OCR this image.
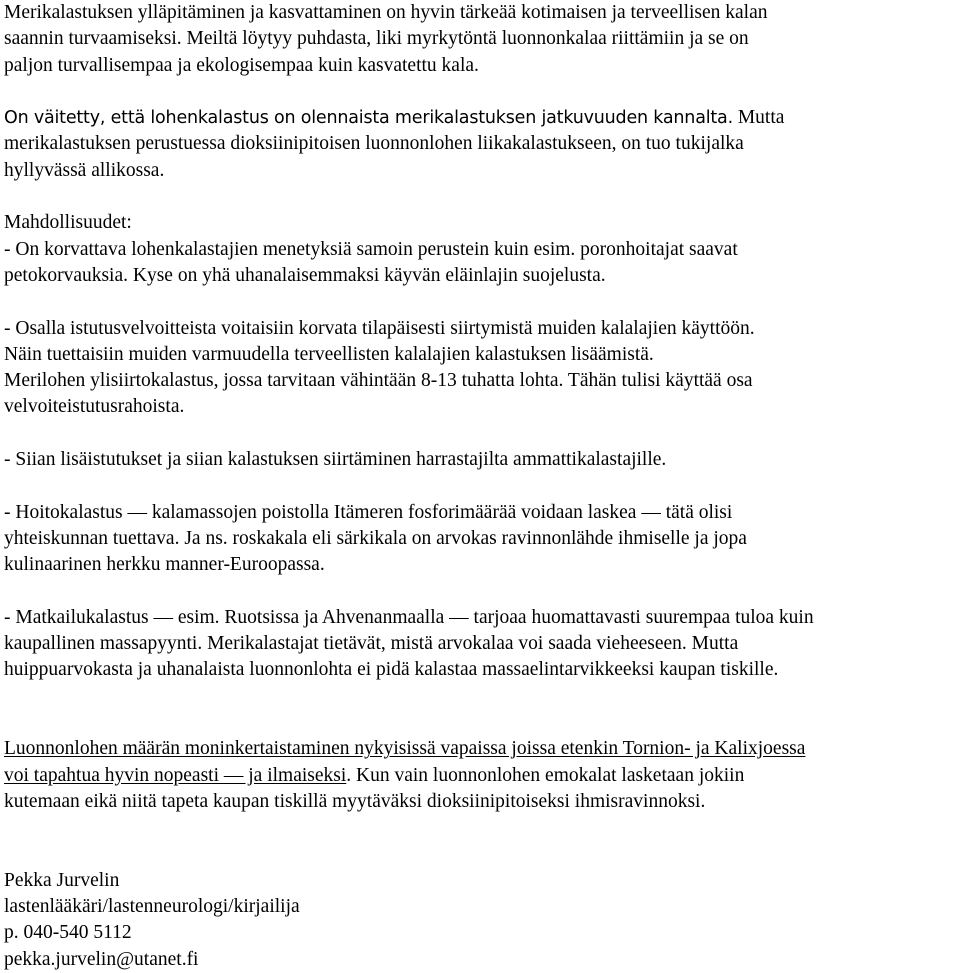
Merikalastuksen ylläpitäminen ja kasvattaminen on hyvin tärkeää kotimaisen ja terveellisen kalan
saannin turvaamiseksi. Meiltä löytyy puhdasta, liki myrkytöntä luonnonkalaa riittämiin ja se on
paljon turvallisempaa ja ekologisempaa kuin kasvatettu kala.
On väitetty, että lohenkalastus on olennaista merikalastuksen jatkuvuuden kannalta. Mutta
merikalastuksen perustuessa dioksiinipitoisen luonnonlohen liikakalastukseen, on tuo tukijalka
hyllyvässä allikossa.
Mahdollisuudet:
- On korvattava lohenkalastajien menetyksiä samoin perustein kuin esim. poronhoitajat saavat
petokorvauksia. Kyse on yhä uhanalaisemmaksi käyvän eläinlajin suojelusta.
- Osalla istutusvelvoitteista voitaisiin korvata tilapäisesti siirtymistä muiden kalalajien käyttöön.
Näin tuettaisiin muiden varmuudella terveellisten kalalajien kalastuksen lisäämistä.
Merilohen ylisiirtokalastus, jossa tarvitaan vähintään 8-13 tuhatta lohta. Tähän tulisi käyttää osa
velvoiteistutusrahoista.
- Siian lisäistutukset ja siian kalastuksen siirtäminen harrastajilta ammattikalastajille.
- Hoitokalastus — kalamassojen poistolla Itämeren fosforimäärää voidaan laskea — tätä olisi
yhteiskunnan tuettava. Ja ns. roskakala eli särkikala on arvokas ravinnonlähde ihmiselle ja jopa
kulinaarinen herkku manner-Euroopassa.
- Matkailukalastus — esim. Ruotsissa ja Ahvenanmaalla — tarjoaa huomattavasti suurempaa tuloa kuin
kaupallinen massapyynti. Merikalastajat tietävät, mistä arvokalaa voi saada vieheeseen. Mutta
huippuarvokasta ja uhanalaista luonnonlohta ei pidä kalastaa massaelintarvikkeeksi kaupan tiskille.
Luonnonlohen määrän moninkertaistaminen nykyisissä vapaissa joissa etenkin Tornion- ja Kalixjoessa
voi tapahtua hyvin nopeasti — ja ilmaiseksi. Kun vain luonnonlohen emokalat lasketaan jokiin
kutemaan eikä niitä tapeta kaupan tiskillä myytäväksi dioksiinipitoiseksi ihmisravinnoksi.
Pekka Jurvelin
lastenlääkäri/lastenneurologi/kirjailija
p. 040-540 5112
pekka.jurvelin@utanet.fi
